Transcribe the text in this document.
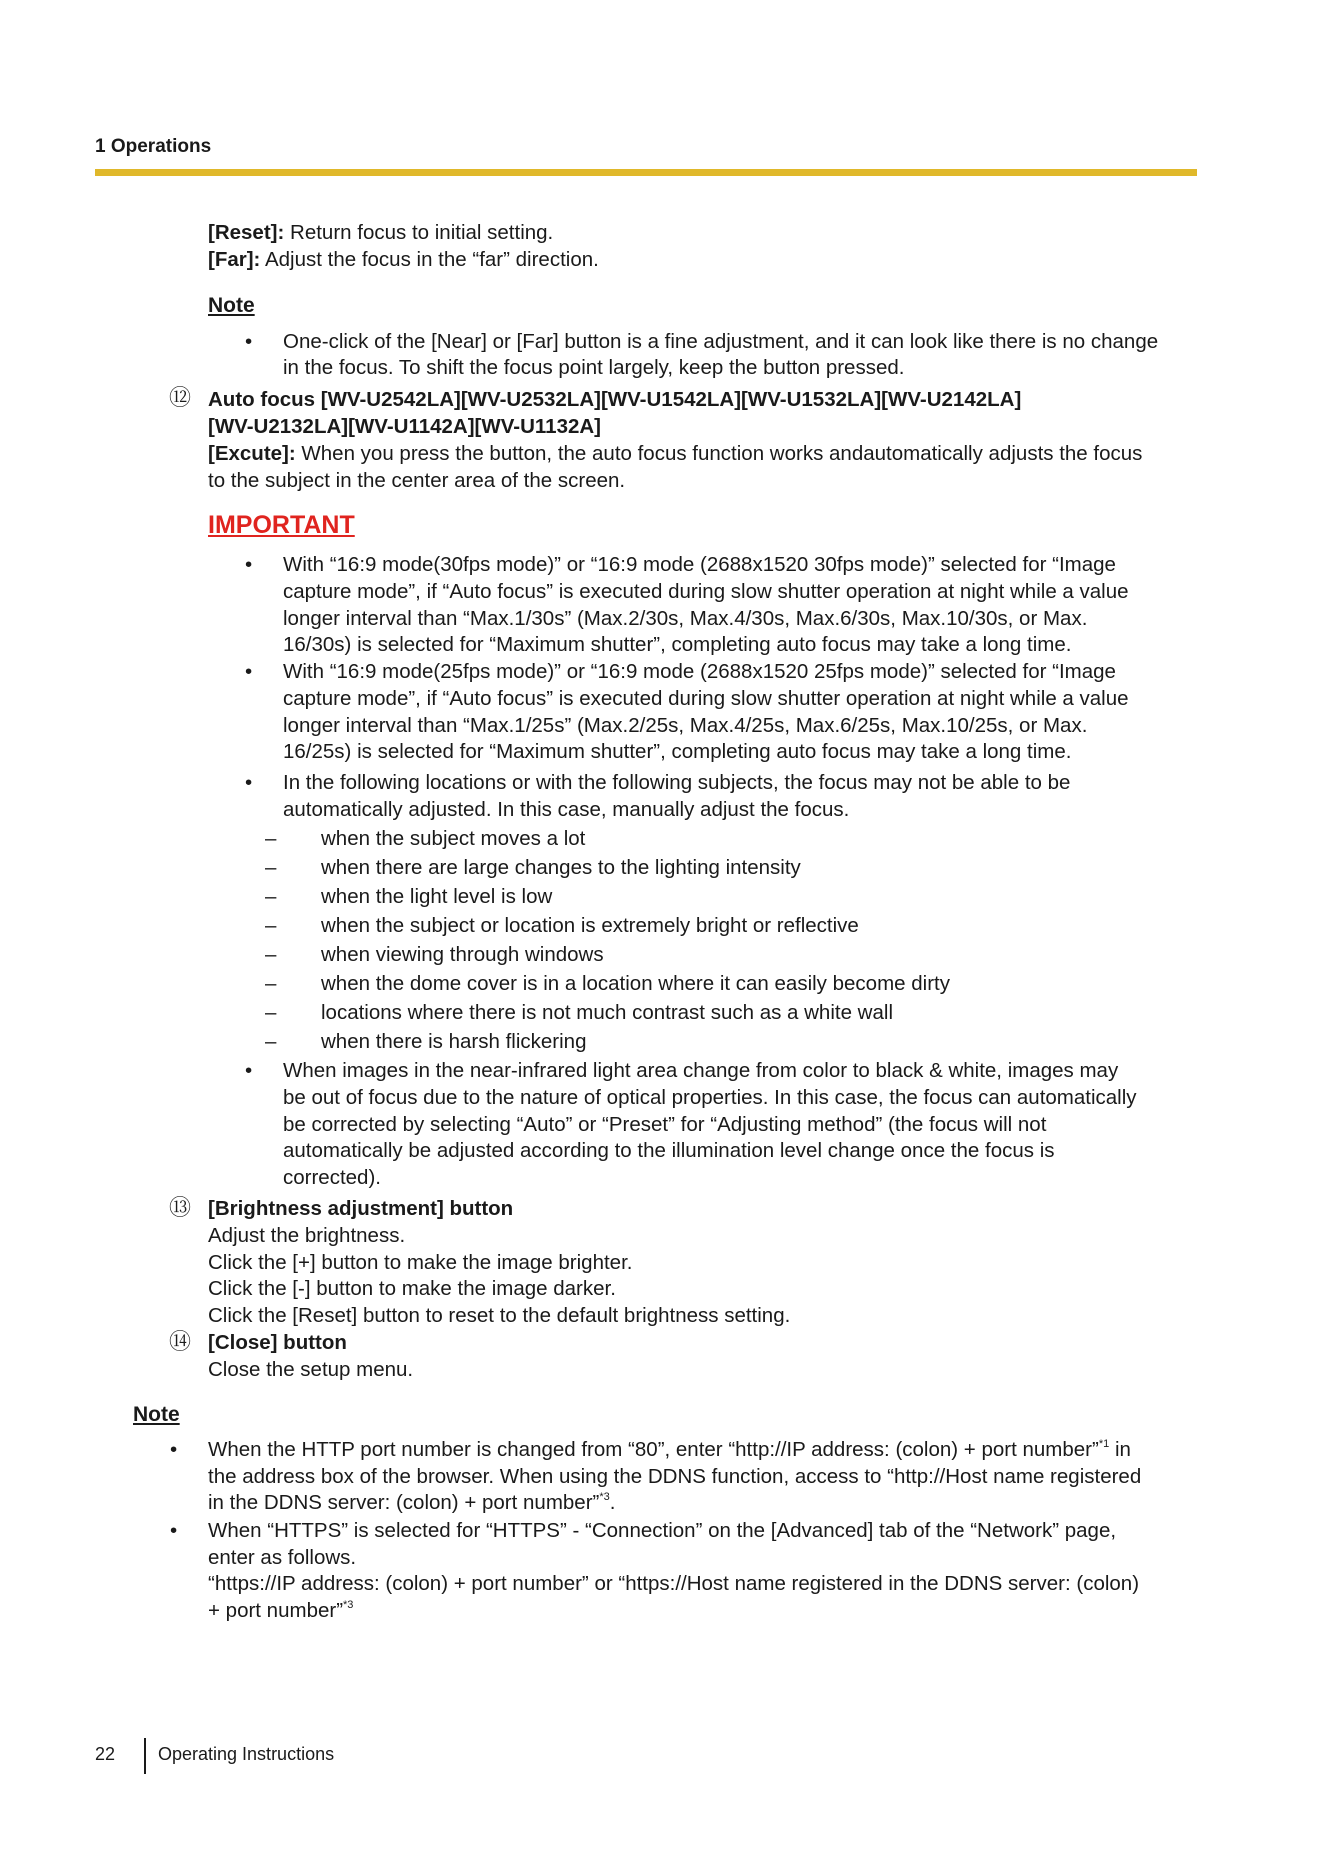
1 Operations
[Reset]: Return focus to initial setting.
[Far]: Adjust the focus in the “far” direction.
Note
• One-click of the [Near] or [Far] button is a fine adjustment, and it can look like there is no change
in the focus. To shift the focus point largely, keep the button pressed.
⑫ Auto focus [WV-U2542LA][WV-U2532LA][WV-U1542LA][WV-U1532LA][WV-U2142LA]
[WV-U2132LA][WV-U1142A][WV-U1132A]
[Excute]: When you press the button, the auto focus function works andautomatically adjusts the focus
to the subject in the center area of the screen.
IMPORTANT
• With “16:9 mode(30fps mode)” or “16:9 mode (2688x1520 30fps mode)” selected for “Image
capture mode”, if “Auto focus” is executed during slow shutter operation at night while a value
longer interval than “Max.1/30s” (Max.2/30s, Max.4/30s, Max.6/30s, Max.10/30s, or Max.
16/30s) is selected for “Maximum shutter”, completing auto focus may take a long time.
• With “16:9 mode(25fps mode)” or “16:9 mode (2688x1520 25fps mode)” selected for “Image
capture mode”, if “Auto focus” is executed during slow shutter operation at night while a value
longer interval than “Max.1/25s” (Max.2/25s, Max.4/25s, Max.6/25s, Max.10/25s, or Max.
16/25s) is selected for “Maximum shutter”, completing auto focus may take a long time.
• In the following locations or with the following subjects, the focus may not be able to be
automatically adjusted. In this case, manually adjust the focus.
– when the subject moves a lot
– when there are large changes to the lighting intensity
– when the light level is low
– when the subject or location is extremely bright or reflective
– when viewing through windows
– when the dome cover is in a location where it can easily become dirty
– locations where there is not much contrast such as a white wall
– when there is harsh flickering
• When images in the near-infrared light area change from color to black & white, images may
be out of focus due to the nature of optical properties. In this case, the focus can automatically
be corrected by selecting “Auto” or “Preset” for “Adjusting method” (the focus will not
automatically be adjusted according to the illumination level change once the focus is
corrected).
⑬ [Brightness adjustment] button
Adjust the brightness.
Click the [+] button to make the image brighter.
Click the [-] button to make the image darker.
Click the [Reset] button to reset to the default brightness setting.
⑭ [Close] button
Close the setup menu.
Note
• When the HTTP port number is changed from “80”, enter “http://IP address: (colon) + port number”$^{*1}$ in
the address box of the browser. When using the DDNS function, access to “http://Host name registered
in the DDNS server: (colon) + port number”$^{*3}$.
• When “HTTPS” is selected for “HTTPS” - “Connection” on the [Advanced] tab of the “Network” page,
enter as follows.
“https://IP address: (colon) + port number” or “https://Host name registered in the DDNS server: (colon)
+ port number”$^{*3}$
22 Operating Instructions
